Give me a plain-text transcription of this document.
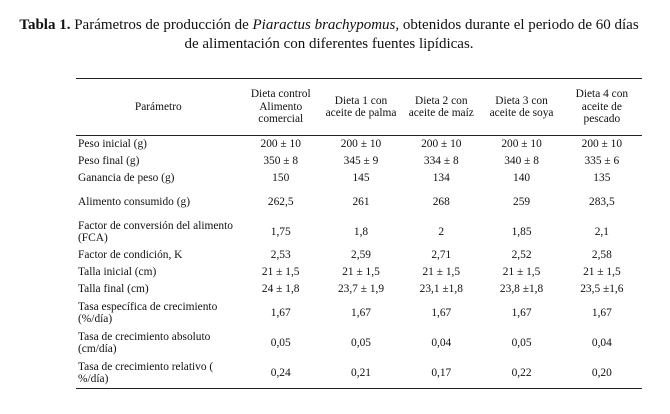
Tabla 1. Parámetros de producción de Piaractus brachypomus, obtenidos durante el periodo de 60 días de alimentación con diferentes fuentes lipídicas.
Parámetro	Dieta control Alimento comercial	Dieta 1 con aceite de palma	Dieta 2 con aceite de maíz	Dieta 3 con aceite de soya	Dieta 4 con aceite de pescado
Peso inicial (g)	200 ± 10	200 ± 10	200 ± 10	200 ± 10	200 ± 10
Peso final (g)	350 ± 8	345 ± 9	334 ± 8	340 ± 8	335 ± 6
Ganancia de peso (g)	150	145	134	140	135
Alimento consumido (g)	262,5	261	268	259	283,5
Factor de conversión del alimento (FCA)	1,75	1,8	2	1,85	2,1
Factor de condición, K	2,53	2,59	2,71	2,52	2,58
Talla inicial (cm)	21 ± 1,5	21 ± 1,5	21 ± 1,5	21 ± 1,5	21 ± 1,5
Talla final (cm)	24 ± 1,8	23,7 ± 1,9	23,1 ±1,8	23,8 ±1,8	23,5 ±1,6
Tasa específica de crecimiento (%/día)	1,67	1,67	1,67	1,67	1,67
Tasa de crecimiento absoluto (cm/día)	0,05	0,05	0,04	0,05	0,04
Tasa de crecimiento relativo ( %/día)	0,24	0,21	0,17	0,22	0,20
